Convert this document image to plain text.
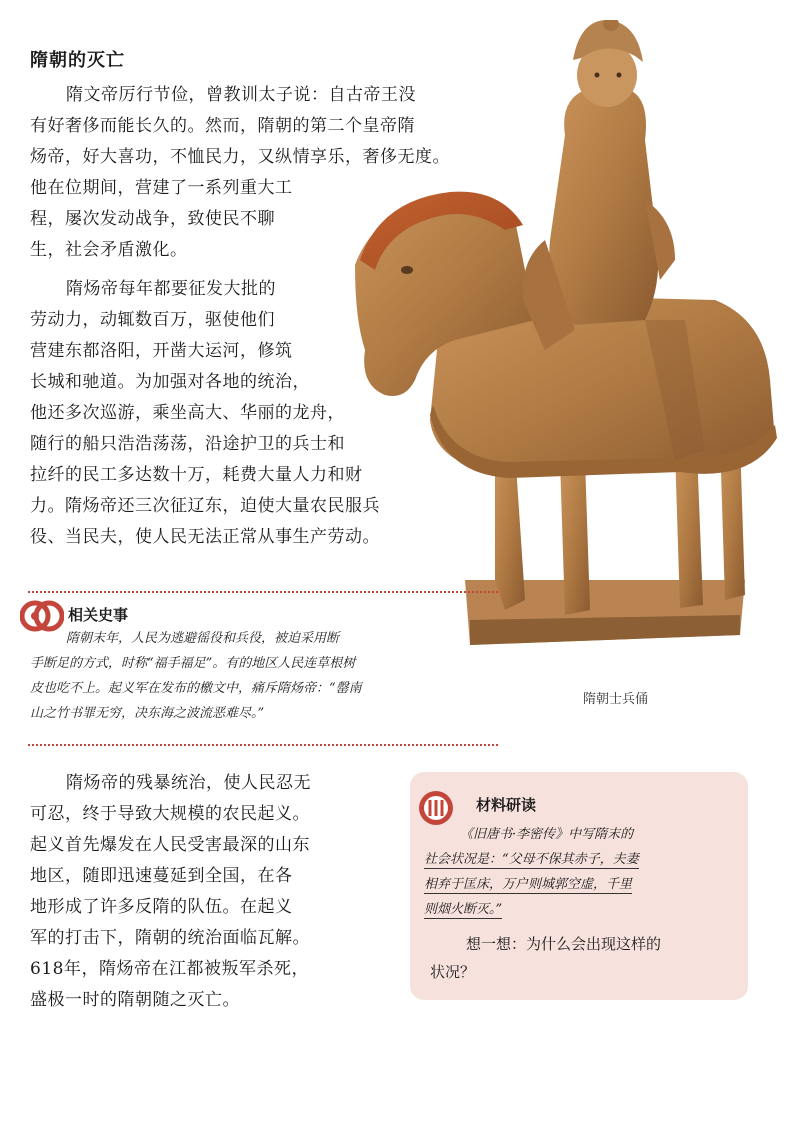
隋朝的灭亡
隋文帝厉行节俭，曾教训太子说：自古帝王没
有好奢侈而能长久的。然而，隋朝的第二个皇帝隋
炀帝，好大喜功，不恤民力，又纵情享乐，奢侈无度。
他在位期间，营建了一系列重大工
程，屡次发动战争，致使民不聊
生，社会矛盾激化。
隋炀帝每年都要征发大批的
劳动力，动辄数百万，驱使他们
营建东都洛阳，开凿大运河，修筑
长城和驰道。为加强对各地的统治，
他还多次巡游，乘坐高大、华丽的龙舟，
随行的船只浩浩荡荡，沿途护卫的兵士和
拉纤的民工多达数十万，耗费大量人力和财
力。隋炀帝还三次征辽东，迫使大量农民服兵
役、当民夫，使人民无法正常从事生产劳动。
隋朝士兵俑
相关史事
隋朝末年，人民为逃避徭役和兵役，被迫采用断
手断足的方式，时称“福手福足”。有的地区人民连草根树
皮也吃不上。起义军在发布的檄文中，痛斥隋炀帝：“罄南
山之竹书罪无穷，决东海之波流恶难尽。”
隋炀帝的残暴统治，使人民忍无
可忍，终于导致大规模的农民起义。
起义首先爆发在人民受害最深的山东
地区，随即迅速蔓延到全国，在各
地形成了许多反隋的队伍。在起义
军的打击下，隋朝的统治面临瓦解。
618年，隋炀帝在江都被叛军杀死，
盛极一时的隋朝随之灭亡。
材料研读
《旧唐书·李密传》中写隋末的
社会状况是：“父母不保其赤子，夫妻
相弃于匡床，万户则城郭空虚，千里
则烟火断灭。”
想一想：为什么会出现这样的
状况？
